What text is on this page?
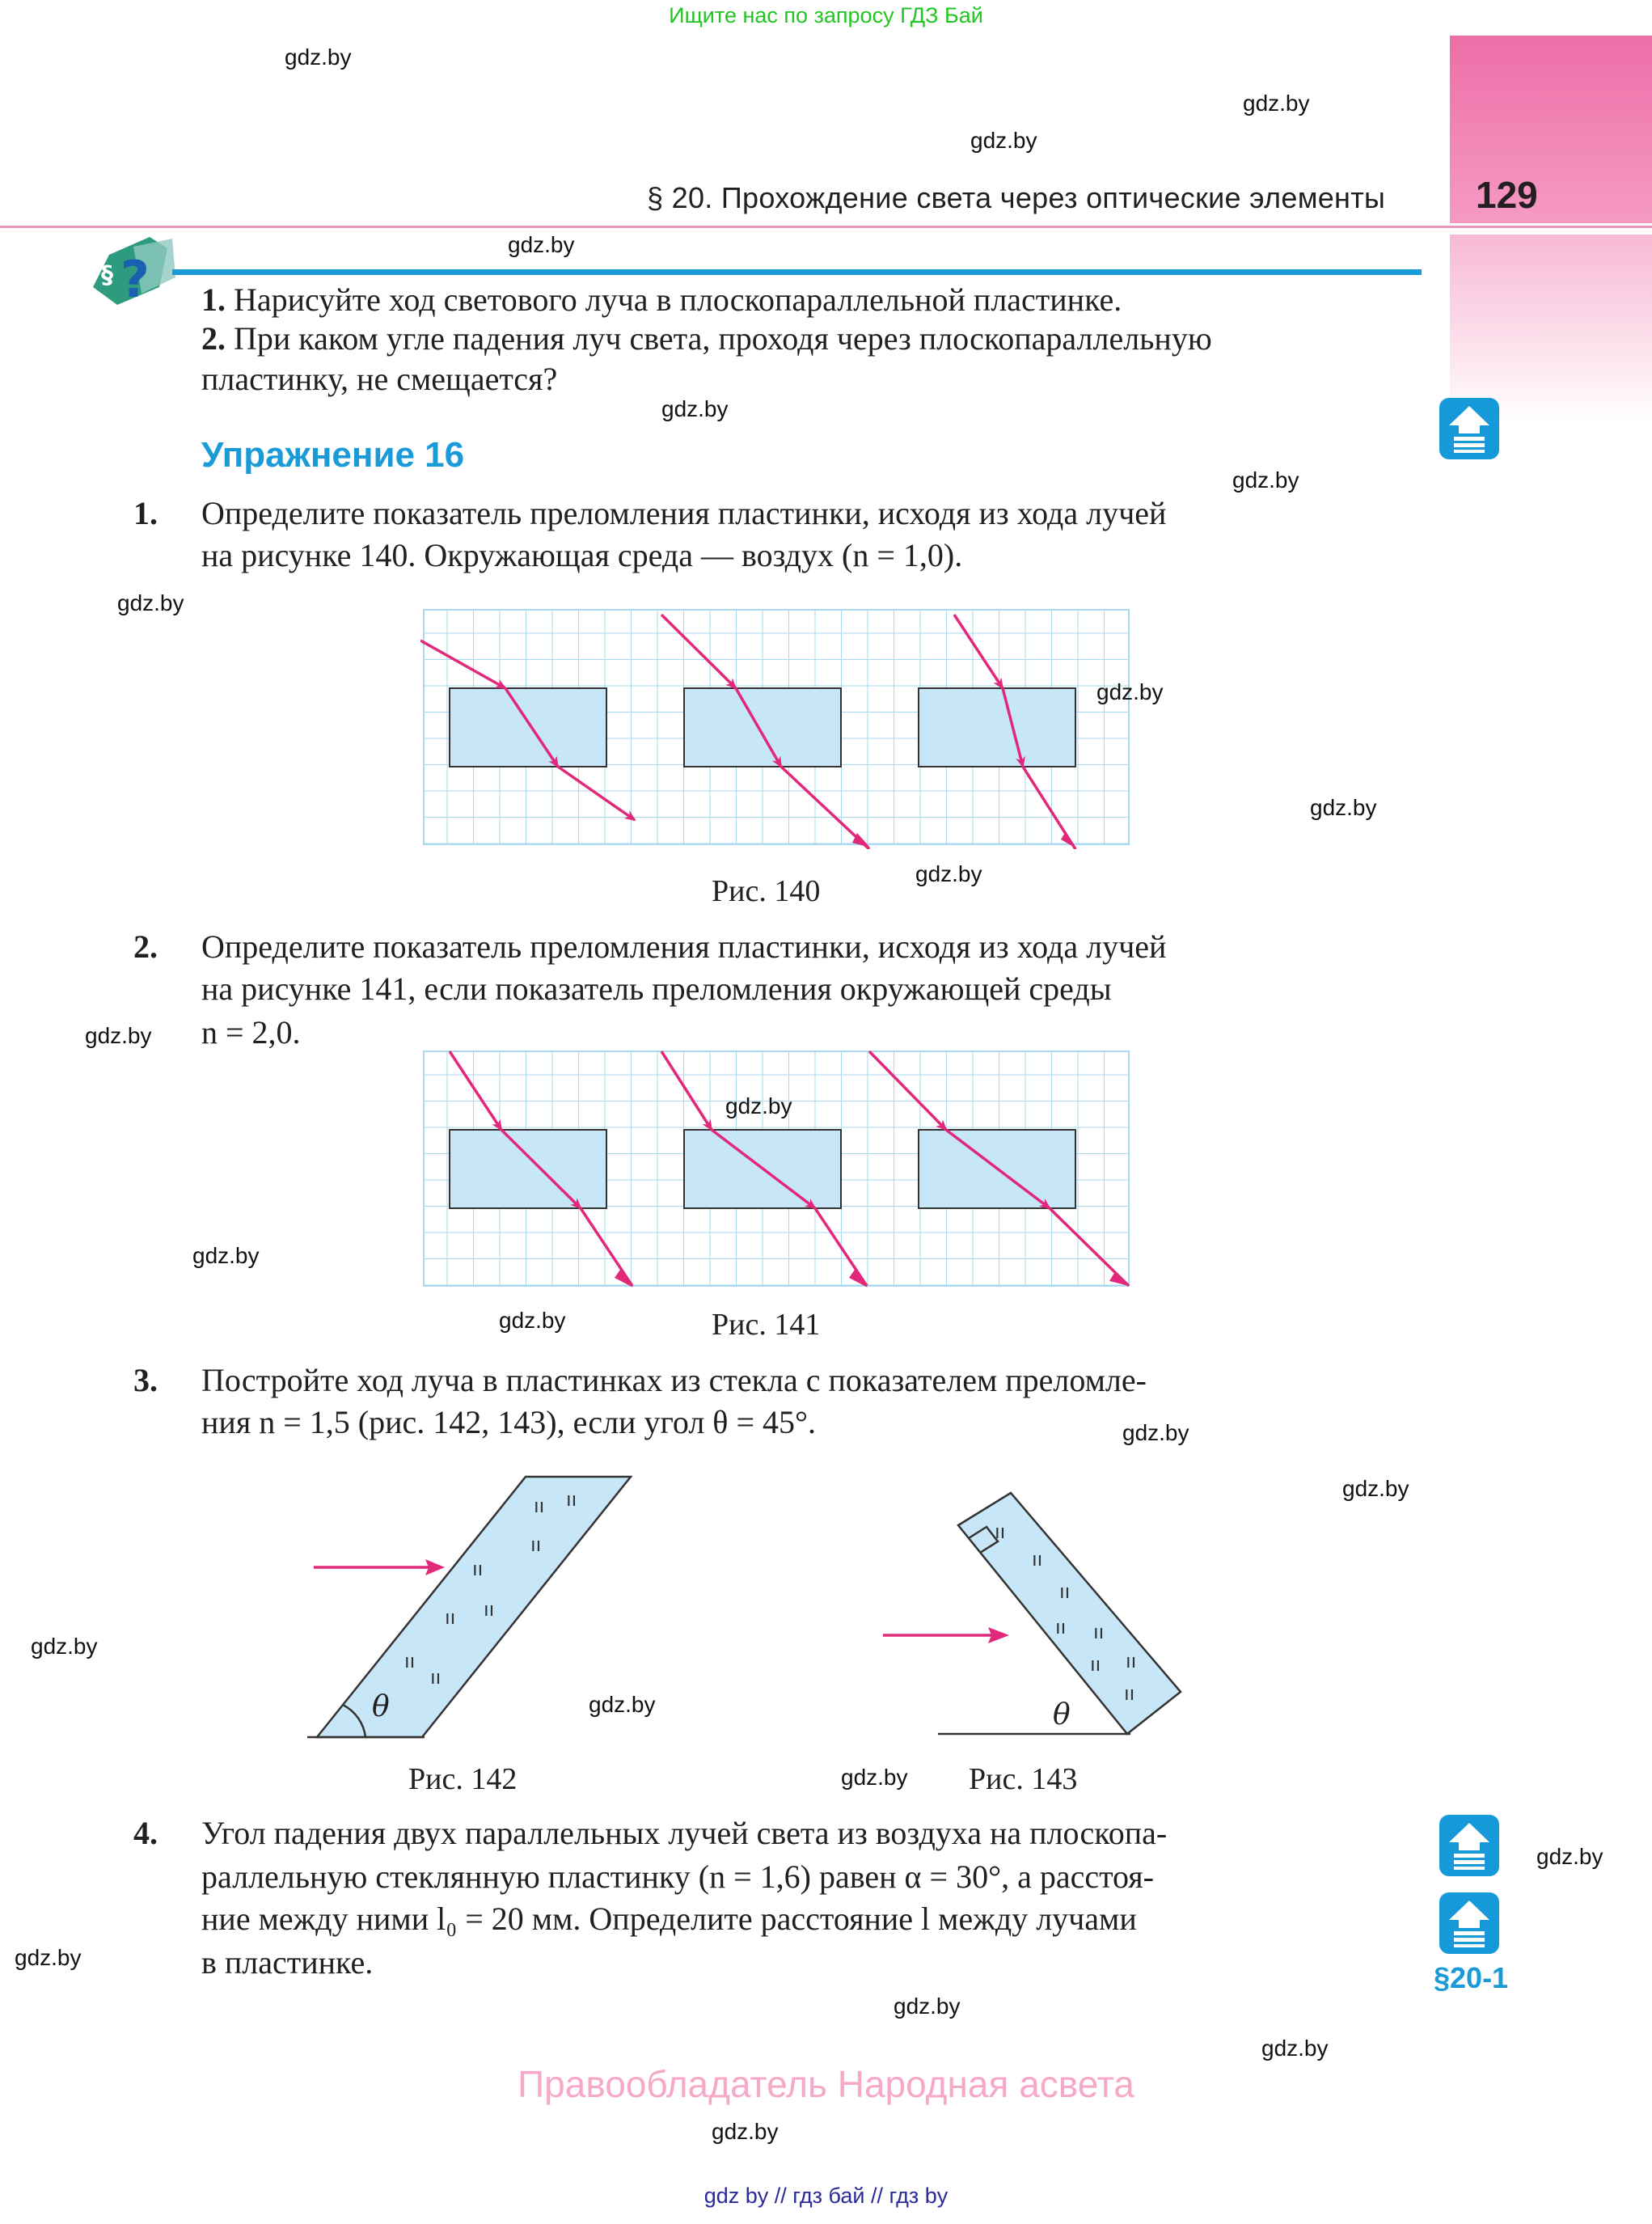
Ищите нас по запросу ГДЗ Бай
129
§ 20. Прохождение света через оптические элементы
§ ? 1. Нарисуйте ход светового луча в плоскопараллельной пластинке.
2. При каком угле падения луч света, проходя через плоскопараллельную
пластинку, не смещается?
Упражнение 16
1. Определите показатель преломления пластинки, исходя из хода лучей
на рисунке 140. Окружающая среда — воздух (n = 1,0).
Рис. 140
2. Определите показатель преломления пластинки, исходя из хода лучей
на рисунке 141, если показатель преломления окружающей среды
n = 2,0.
Рис. 141
3. Постройте ход луча в пластинках из стекла с показателем преломле-
ния n = 1,5 (рис. 142, 143), если угол θ = 45°.
ıı ıı
ıı
ıı
ıı
ıı
ıı
ıı
θ
Рис. 142
ıı
ıı
ıı
ıı ıı
ıı ıı
ıı
θ
Рис. 143
4. Угол падения двух параллельных лучей света из воздуха на плоскопа-
раллельную стеклянную пластинку (n = 1,6) равен α = 30°, а расстоя-
ние между ними l₀ = 20 мм. Определите расстояние l между лучами
в пластинке.	§20-1
gdz.by
gdz.by
gdz.by
gdz.by
gdz.by
gdz.by
gdz.by
gdz.by
gdz.by
gdz.by
gdz.by
gdz.by
gdz.by
gdz.by
gdz.by
gdz.by
gdz.by
gdz.by
gdz.by
gdz.by
gdz.by
gdz.by
gdz.by
gdz.by
Правообладатель Народная асвета
gdz by // гдз бай // гдз by
